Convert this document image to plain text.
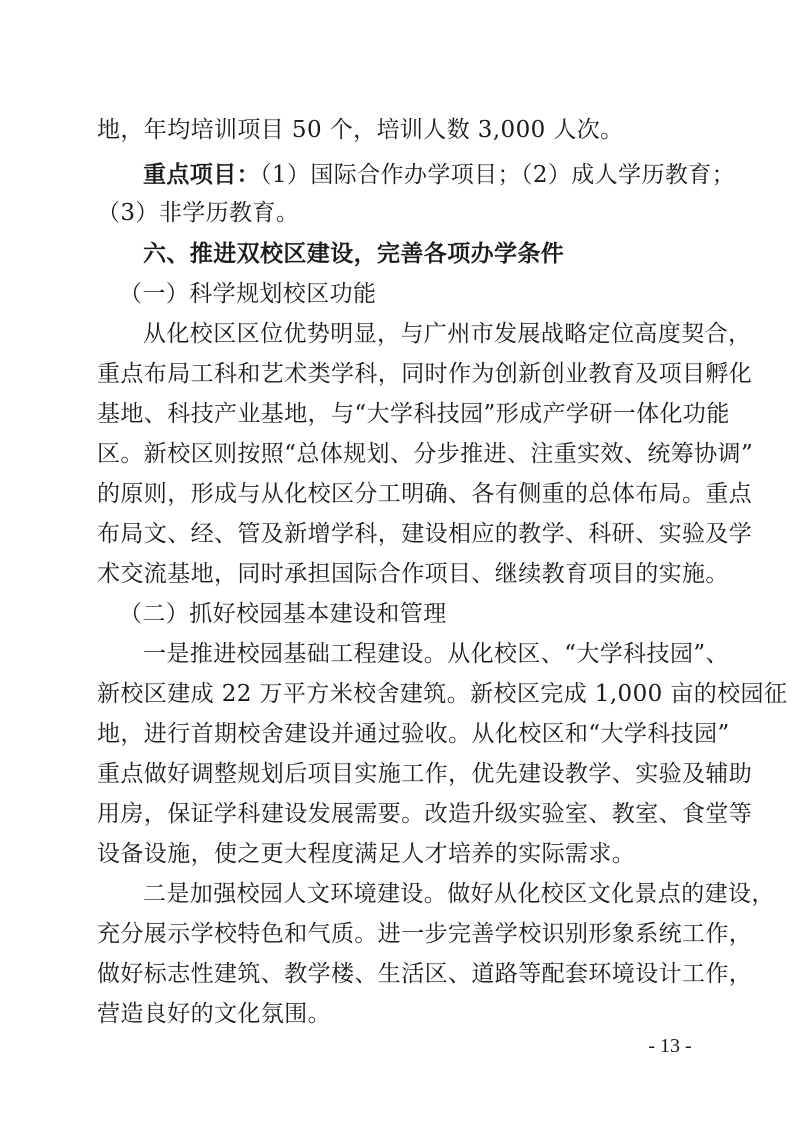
地，年均培训项目 50 个，培训人数 3,000 人次。
重点项目：（1）国际合作办学项目；（2）成人学历教育；
（3）非学历教育。
六、推进双校区建设，完善各项办学条件
（一）科学规划校区功能
从化校区区位优势明显，与广州市发展战略定位高度契合，
重点布局工科和艺术类学科，同时作为创新创业教育及项目孵化
基地、科技产业基地，与“大学科技园”形成产学研一体化功能
区。新校区则按照“总体规划、分步推进、注重实效、统筹协调”
的原则，形成与从化校区分工明确、各有侧重的总体布局。重点
布局文、经、管及新增学科，建设相应的教学、科研、实验及学
术交流基地，同时承担国际合作项目、继续教育项目的实施。
（二）抓好校园基本建设和管理
一是推进校园基础工程建设。从化校区、“大学科技园”、
新校区建成 22 万平方米校舍建筑。新校区完成 1,000 亩的校园征
地，进行首期校舍建设并通过验收。从化校区和“大学科技园”
重点做好调整规划后项目实施工作，优先建设教学、实验及辅助
用房，保证学科建设发展需要。改造升级实验室、教室、食堂等
设备设施，使之更大程度满足人才培养的实际需求。
二是加强校园人文环境建设。做好从化校区文化景点的建设，
充分展示学校特色和气质。进一步完善学校识别形象系统工作，
做好标志性建筑、教学楼、生活区、道路等配套环境设计工作，
营造良好的文化氛围。
- 13 -
